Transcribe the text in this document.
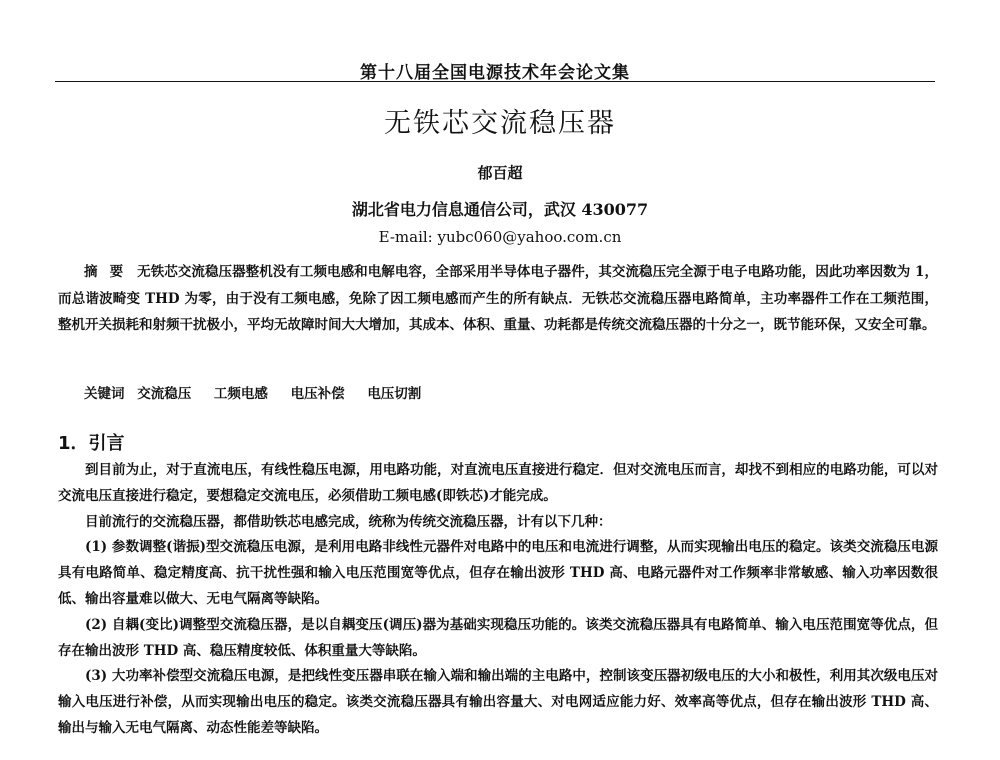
第十八届全国电源技术年会论文集
无铁芯交流稳压器
郁百超
湖北省电力信息通信公司，武汉 430077
E-mail: yubc060@yahoo.com.cn
摘要 无铁芯交流稳压器整机没有工频电感和电解电容，全部采用半导体电子器件，其交流稳压完全源于电子电路功能，因此功率因数为 1，而总谐波畸变 THD 为零，由于没有工频电感，免除了因工频电感而产生的所有缺点．无铁芯交流稳压器电路简单，主功率器件工作在工频范围，整机开关损耗和射频干扰极小，平均无故障时间大大增加，其成本、体积、重量、功耗都是传统交流稳压器的十分之一，既节能环保，又安全可靠。
关键词 交流稳压 工频电感 电压补偿 电压切割
1．引言

到目前为止，对于直流电压，有线性稳压电源，用电路功能，对直流电压直接进行稳定．但对交流电压而言，却找不到相应的电路功能，可以对交流电压直接进行稳定，要想稳定交流电压，必须借助工频电感(即铁芯)才能完成。

目前流行的交流稳压器，都借助铁芯电感完成，统称为传统交流稳压器，计有以下几种：

(1) 参数调整(谐振)型交流稳压电源，是利用电路非线性元器件对电路中的电压和电流进行调整，从而实现输出电压的稳定。该类交流稳压电源具有电路简单、稳定精度高、抗干扰性强和输入电压范围宽等优点，但存在输出波形 THD 高、电路元器件对工作频率非常敏感、输入功率因数很低、输出容量难以做大、无电气隔离等缺陷。

(2) 自耦(变比)调整型交流稳压器，是以自耦变压(调压)器为基础实现稳压功能的。该类交流稳压器具有电路简单、输入电压范围宽等优点，但存在输出波形 THD 高、稳压精度较低、体积重量大等缺陷。

(3) 大功率补偿型交流稳压电源，是把线性变压器串联在输入端和输出端的主电路中，控制该变压器初级电压的大小和极性，利用其次级电压对输入电压进行补偿，从而实现输出电压的稳定。该类交流稳压器具有输出容量大、对电网适应能力好、效率高等优点，但存在输出波形 THD 高、输出与输入无电气隔离、动态性能差等缺陷。
